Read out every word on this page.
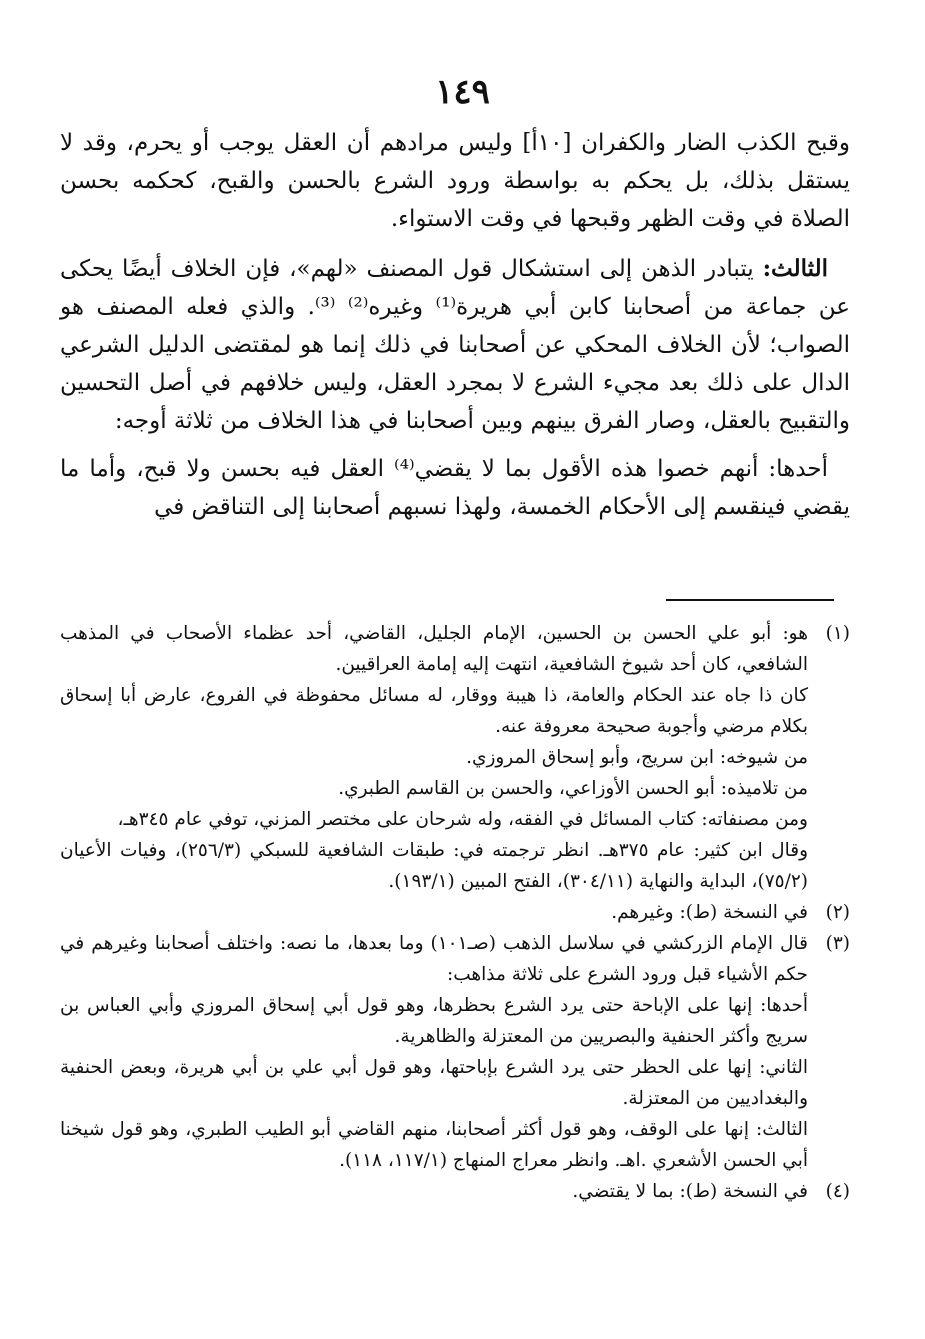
١٤٩

وقبح الكذب الضار والكفران [١٠أ] وليس مرادهم أن العقل يوجب أو يحرم، وقد لا يستقل بذلك، بل يحكم به بواسطة ورود الشرع بالحسن والقبح، كحكمه بحسن الصلاة في وقت الظهر وقبحها في وقت الاستواء.

الثالث: يتبادر الذهن إلى استشكال قول المصنف «لهم»، فإن الخلاف أيضًا يحكى عن جماعة من أصحابنا كابن أبي هريرة⁽¹⁾ وغيره⁽²⁾ ⁽³⁾. والذي فعله المصنف هو الصواب؛ لأن الخلاف المحكي عن أصحابنا في ذلك إنما هو لمقتضى الدليل الشرعي الدال على ذلك بعد مجيء الشرع لا بمجرد العقل، وليس خلافهم في أصل التحسين والتقبيح بالعقل، وصار الفرق بينهم وبين أصحابنا في هذا الخلاف من ثلاثة أوجه:

أحدها: أنهم خصوا هذه الأقول بما لا يقضي⁽⁴⁾ العقل فيه بحسن ولا قبح، وأما ما يقضي فينقسم إلى الأحكام الخمسة، ولهذا نسبهم أصحابنا إلى التناقض في

(١)

هو: أبو علي الحسن بن الحسين، الإمام الجليل، القاضي، أحد عظماء الأصحاب في المذهب الشافعي، كان أحد شيوخ الشافعية، انتهت إليه إمامة العراقيين.

كان ذا جاه عند الحكام والعامة، ذا هيبة ووقار، له مسائل محفوظة في الفروع، عارض أبا إسحاق بكلام مرضي وأجوبة صحيحة معروفة عنه.

من شيوخه: ابن سريج، وأبو إسحاق المروزي.

من تلاميذه: أبو الحسن الأوزاعي، والحسن بن القاسم الطبري.

ومن مصنفاته: كتاب المسائل في الفقه، وله شرحان على مختصر المزني، توفي عام ٣٤٥هـ،

وقال ابن كثير: عام ٣٧٥هـ. انظر ترجمته في: طبقات الشافعية للسبكي (٢٥٦/٣)، وفيات الأعيان (٧٥/٢)، البداية والنهاية (٣٠٤/١١)، الفتح المبين (١٩٣/١).

(٢)

في النسخة (ط): وغيرهم.

(٣)

قال الإمام الزركشي في سلاسل الذهب (صـ١٠١) وما بعدها، ما نصه: واختلف أصحابنا وغيرهم في حكم الأشياء قبل ورود الشرع على ثلاثة مذاهب:

أحدها: إنها على الإباحة حتى يرد الشرع بحظرها، وهو قول أبي إسحاق المروزي وأبي العباس بن سريج وأكثر الحنفية والبصريين من المعتزلة والظاهرية.

الثاني: إنها على الحظر حتى يرد الشرع بإباحتها، وهو قول أبي علي بن أبي هريرة، وبعض الحنفية والبغداديين من المعتزلة.

الثالث: إنها على الوقف، وهو قول أكثر أصحابنا، منهم القاضي أبو الطيب الطبري، وهو قول شيخنا أبي الحسن الأشعري .اهـ. وانظر معراج المنهاج (١١٧/١، ١١٨).

(٤)

في النسخة (ط): بما لا يقتضي.
